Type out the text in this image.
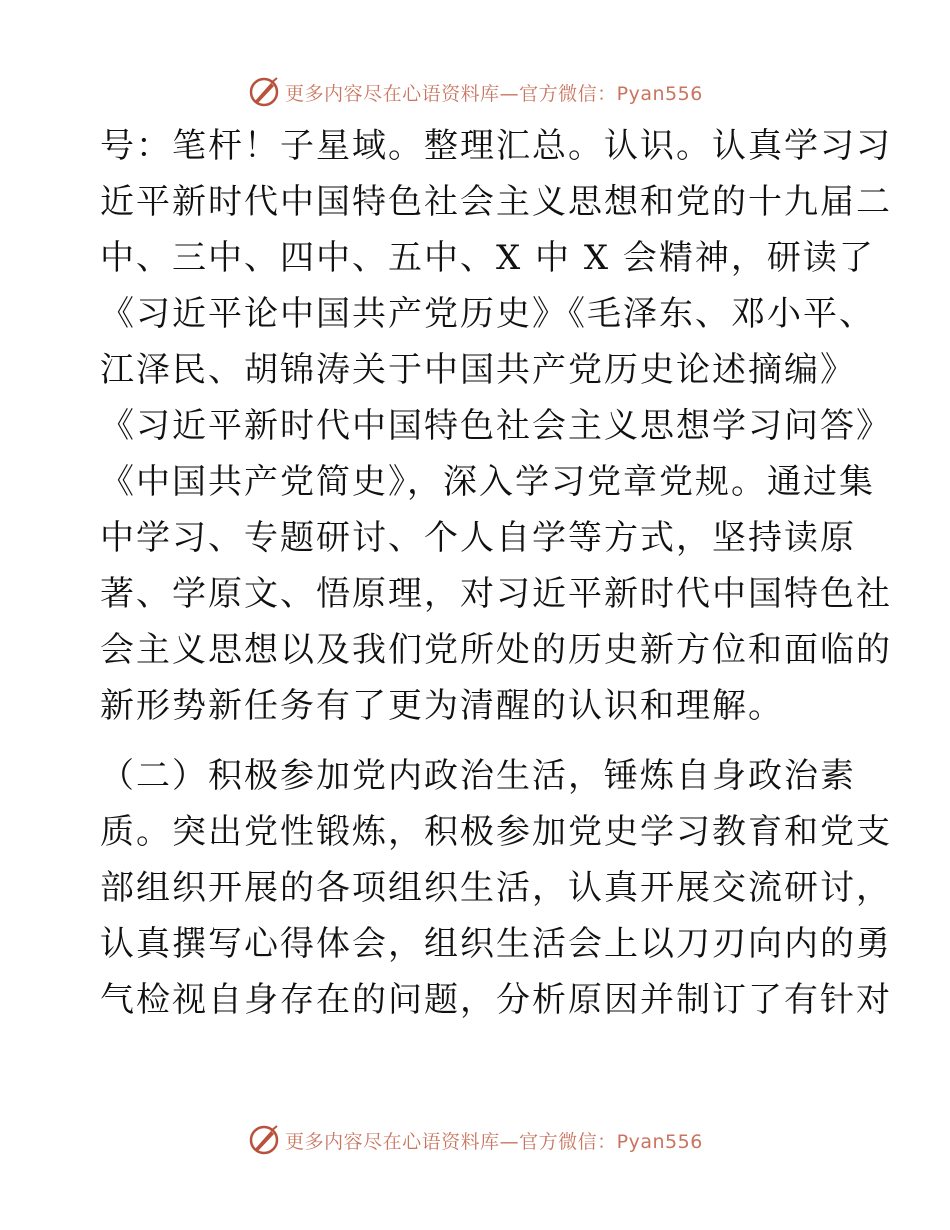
更多内容尽在心语资料库—官方微信：Pyan556
号：笔杆！子星域。整理汇总。认识。认真学习习
近平新时代中国特色社会主义思想和党的十九届二
中、三中、四中、五中、X 中 X 会精神，研读了
《习近平论中国共产党历史》《毛泽东、邓小平、
江泽民、胡锦涛关于中国共产党历史论述摘编》
《习近平新时代中国特色社会主义思想学习问答》
《中国共产党简史》，深入学习党章党规。通过集
中学习、专题研讨、个人自学等方式，坚持读原
著、学原文、悟原理，对习近平新时代中国特色社
会主义思想以及我们党所处的历史新方位和面临的
新形势新任务有了更为清醒的认识和理解。
（二）积极参加党内政治生活，锤炼自身政治素
质。突出党性锻炼，积极参加党史学习教育和党支
部组织开展的各项组织生活，认真开展交流研讨，
认真撰写心得体会，组织生活会上以刀刃向内的勇
气检视自身存在的问题，分析原因并制订了有针对
更多内容尽在心语资料库—官方微信：Pyan556
